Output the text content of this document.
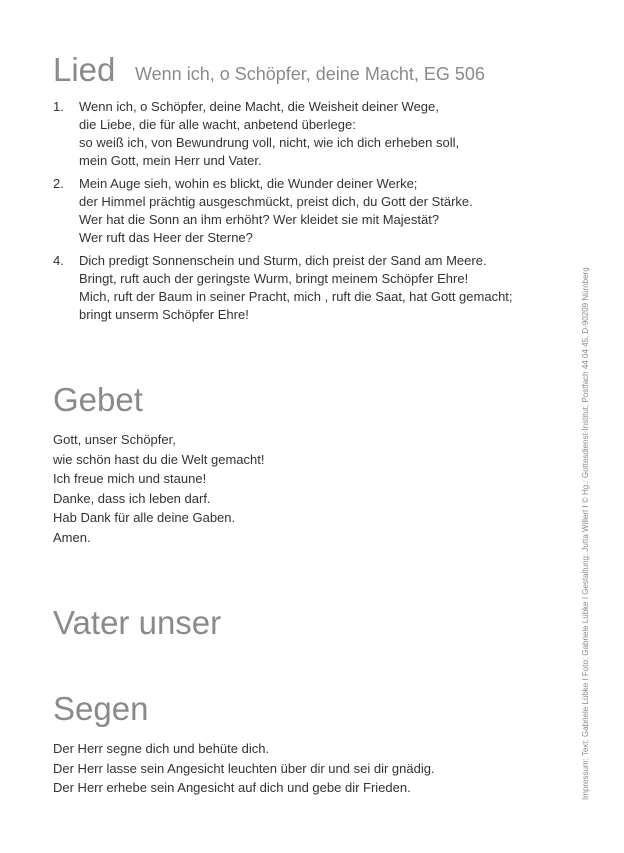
Lied Wenn ich, o Schöpfer, deine Macht, EG 506
1. Wenn ich, o Schöpfer, deine Macht, die Weisheit deiner Wege,
die Liebe, die für alle wacht, anbetend überlege:
so weiß ich, von Bewundrung voll, nicht, wie ich dich erheben soll,
mein Gott, mein Herr und Vater.
2. Mein Auge sieh, wohin es blickt, die Wunder deiner Werke;
der Himmel prächtig ausgeschmückt, preist dich, du Gott der Stärke.
Wer hat die Sonn an ihm erhöht? Wer kleidet sie mit Majestät?
Wer ruft das Heer der Sterne?
4. Dich predigt Sonnenschein und Sturm, dich preist der Sand am Meere.
Bringt, ruft auch der geringste Wurm, bringt meinem Schöpfer Ehre!
Mich, ruft der Baum in seiner Pracht, mich , ruft die Saat, hat Gott gemacht;
bringt unserm Schöpfer Ehre!
Gebet
Gott, unser Schöpfer,
wie schön hast du die Welt gemacht!
Ich freue mich und staune!
Danke, dass ich leben darf.
Hab Dank für alle deine Gaben.
Amen.
Vater unser
Segen
Der Herr segne dich und behüte dich.
Der Herr lasse sein Angesicht leuchten über dir und sei dir gnädig.
Der Herr erhebe sein Angesicht auf dich und gebe dir Frieden.	Impressum: Text: Gabriele Lübke I Foto: Gabriele Lübke I Gestaltung: Jutta Willert I © Hg.: Gottesdienst-Institut, Postfach 44 04 45, D-90209 Nürnberg
